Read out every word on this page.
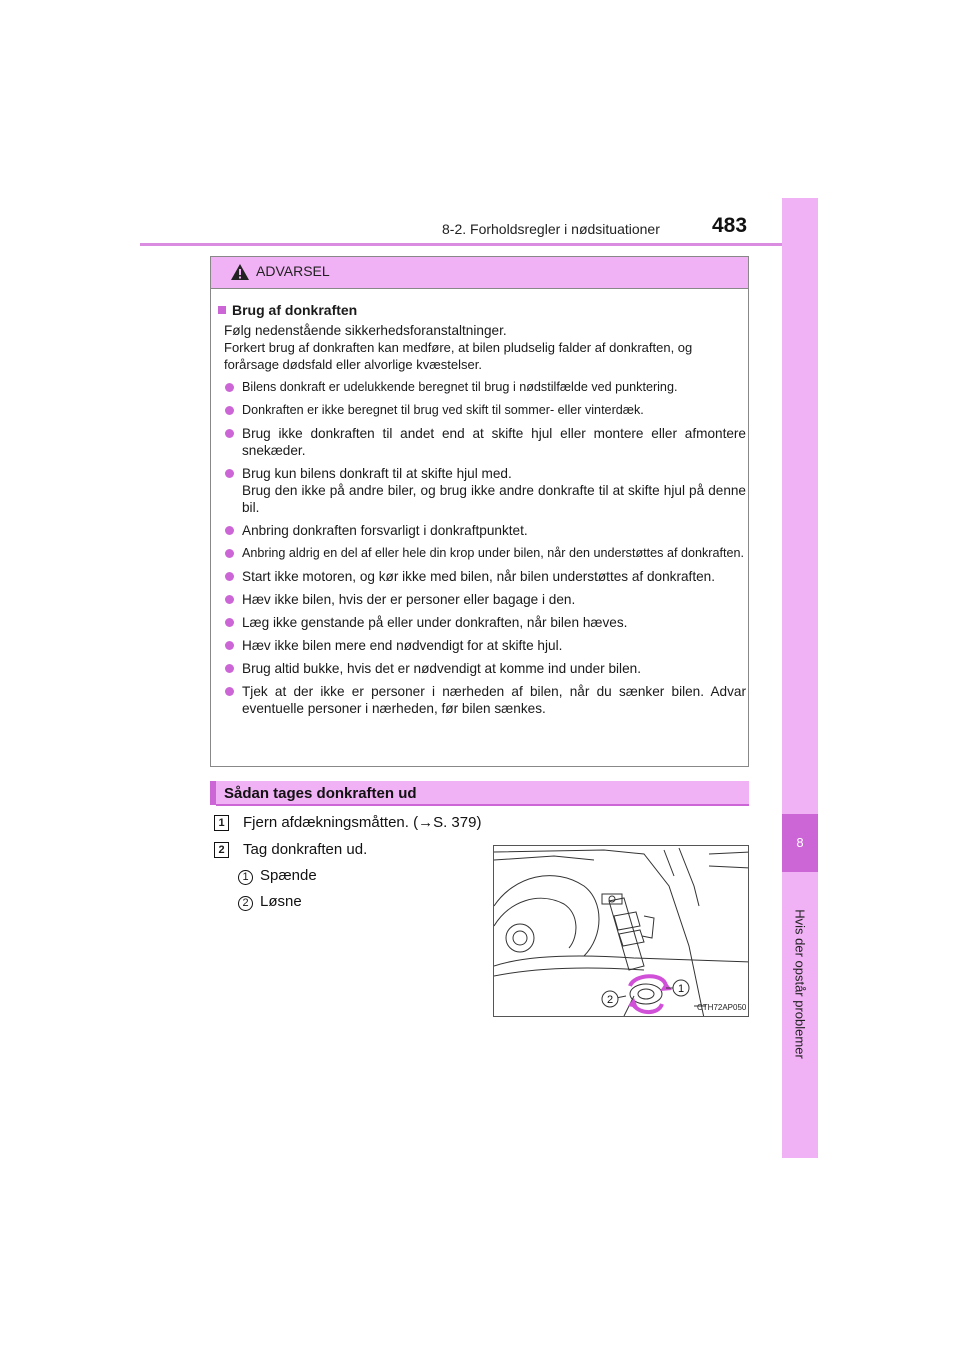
8-2. Forholdsregler i nødsituationer 483
8
Hvis der opstår problemer
ADVARSEL
Brug af donkraften
Følg nedenstående sikkerhedsforanstaltninger.
Forkert brug af donkraften kan medføre, at bilen pludselig falder af donkraften, og forårsage dødsfald eller alvorlige kvæstelser.
Bilens donkraft er udelukkende beregnet til brug i nødstilfælde ved punktering.
Donkraften er ikke beregnet til brug ved skift til sommer- eller vinterdæk.
Brug ikke donkraften til andet end at skifte hjul eller montere eller afmontere snekæder.
Brug kun bilens donkraft til at skifte hjul med.
Brug den ikke på andre biler, og brug ikke andre donkrafte til at skifte hjul på denne bil.
Anbring donkraften forsvarligt i donkraftpunktet.
Anbring aldrig en del af eller hele din krop under bilen, når den understøttes af donkraften.
Start ikke motoren, og kør ikke med bilen, når bilen understøttes af donkraften.
Hæv ikke bilen, hvis der er personer eller bagage i den.
Læg ikke genstande på eller under donkraften, når bilen hæves.
Hæv ikke bilen mere end nødvendigt for at skifte hjul.
Brug altid bukke, hvis det er nødvendigt at komme ind under bilen.
Tjek at der ikke er personer i nærheden af bilen, når du sænker bilen. Advar eventuelle personer i nærheden, før bilen sænkes.
Sådan tages donkraften ud
1 Fjern afdækningsmåtten. (→S. 379)
2 Tag donkraften ud.
1 Spænde
2 Løsne
1
2
CTH72AP050
